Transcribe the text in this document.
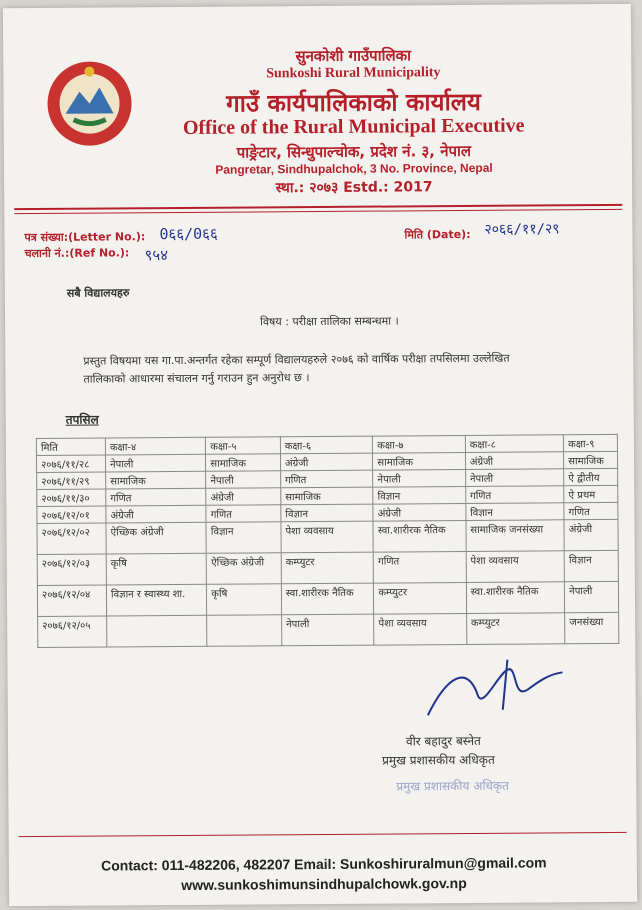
सुनकोशी गाउँपालिका
Sunkoshi Rural Municipality
गाउँ कार्यपालिकाको कार्यालय
Office of the Rural Municipal Executive
पाङ्रेटार, सिन्धुपाल्चोक, प्रदेश नं. ३, नेपाल
Pangretar, Sindhupalchok, 3 No. Province, Nepal
स्था.: २०७३ Estd.: 2017
पत्र संख्या:(Letter No.): 0६६/0६६
चलानी नं.:(Ref No.): ९५४
मिति (Date): २०६६/११/२९
सबै विद्यालयहरु
विषय : परीक्षा तालिका सम्बन्धमा ।
प्रस्तुत विषयमा यस गा.पा.अन्तर्गत रहेका सम्पूर्ण विद्यालयहरुले २०७६ को वार्षिक परीक्षा तपसिलमा उल्लेखित तालिकाको आधारमा संचालन गर्नु गराउन हुन अनुरोध छ ।
तपसिल
मिति	कक्षा-४	कक्षा-५	कक्षा-६	कक्षा-७	कक्षा-८	कक्षा-९
२०७६/११/२८	नेपाली	सामाजिक	अंग्रेजी	सामाजिक	अंग्रेजी	सामाजिक
२०७६/११/२९	सामाजिक	नेपाली	गणित	नेपाली	नेपाली	ऐ द्वीतीय
२०७६/११/३०	गणित	अंग्रेजी	सामाजिक	विज्ञान	गणित	ऐ प्रथम
२०७६/१२/०१	अंग्रेजी	गणित	विज्ञान	अंग्रेजी	विज्ञान	गणित
२०७६/१२/०२	ऐच्छिक अंग्रेजी	विज्ञान	पेशा व्यवसाय	स्वा.शारीरक नैतिक	सामाजिक जनसंख्या	अंग्रेजी
२०७६/१२/०३	कृषि	ऐच्छिक अंग्रेजी	कम्प्युटर	गणित	पेशा व्यवसाय	विज्ञान
२०७६/१२/०४	विज्ञान र स्वास्थ्य शा.	कृषि	स्वा.शारीरक नैतिक	कम्प्युटर	स्वा.शारीरक नैतिक	नेपाली
२०७६/१२/०५			नेपाली	पेशा व्यवसाय	कम्प्युटर	जनसंख्या
वीर बहादुर बस्नेत
प्रमुख प्रशासकीय अधिकृत
प्रमुख प्रशासकीय अधिकृत
Contact: 011-482206, 482207 Email: Sunkoshiruralmun@gmail.com
www.sunkoshimunsindhupalchowk.gov.np
